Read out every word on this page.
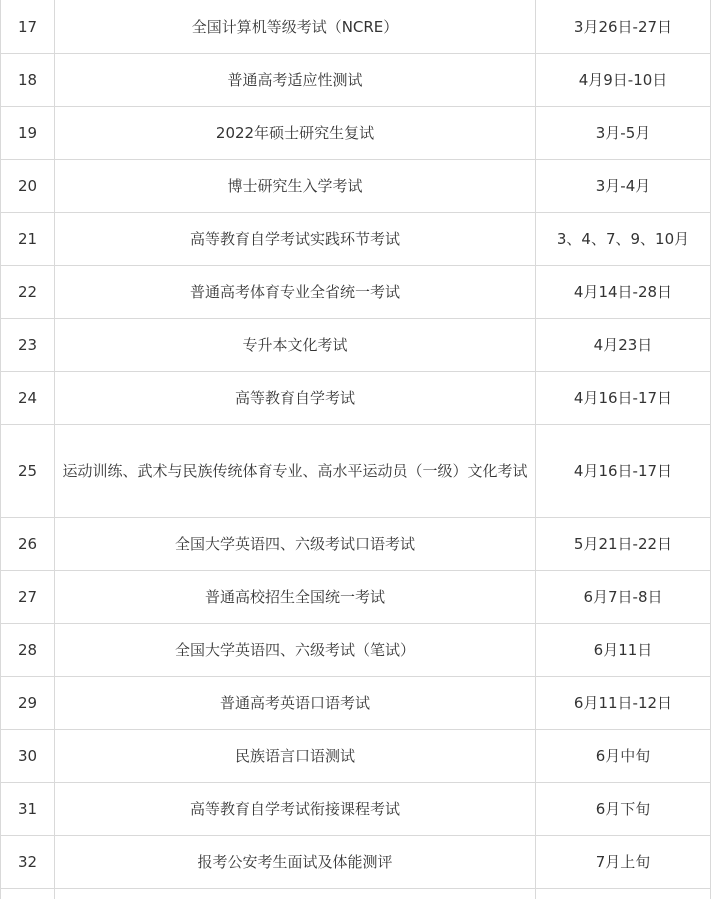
17	全国计算机等级考试（NCRE）	3月26日-27日
18	普通高考适应性测试	4月9日-10日
19	2022年硕士研究生复试	3月-5月
20	博士研究生入学考试	3月-4月
21	高等教育自学考试实践环节考试	3、4、7、9、10月
22	普通高考体育专业全省统一考试	4月14日-28日
23	专升本文化考试	4月23日
24	高等教育自学考试	4月16日-17日
25	运动训练、武术与民族传统体育专业、高水平运动员（一级）文化考试	4月16日-17日
26	全国大学英语四、六级考试口语考试	5月21日-22日
27	普通高校招生全国统一考试	6月7日-8日
28	全国大学英语四、六级考试（笔试）	6月11日
29	普通高考英语口语考试	6月11日-12日
30	民族语言口语测试	6月中旬
31	高等教育自学考试衔接课程考试	6月下旬
32	报考公安考生面试及体能测评	7月上旬
